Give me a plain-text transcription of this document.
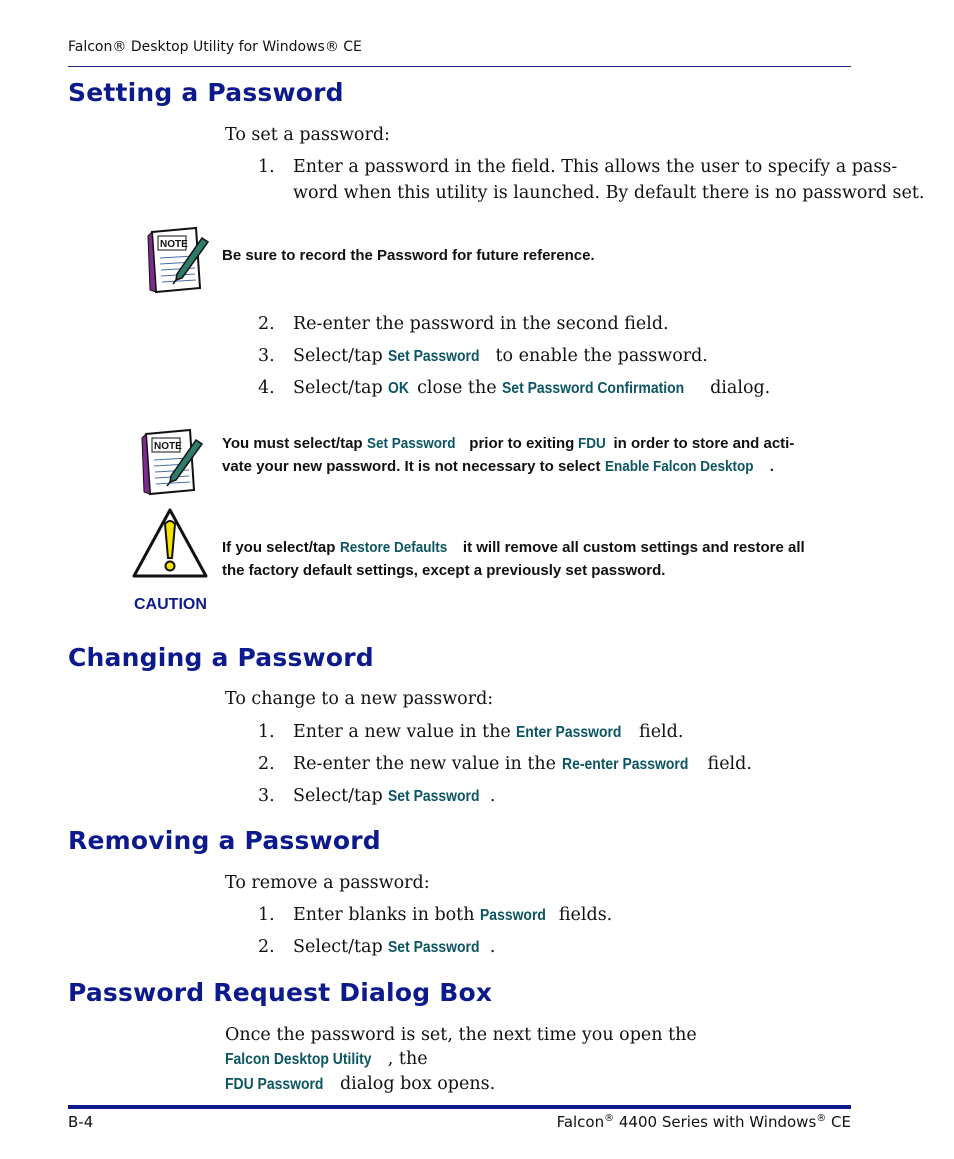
Falcon® Desktop Utility for Windows® CE
Setting a Password
To set a password:
1. Enter a password in the field. This allows the user to specify a pass-
word when this utility is launched. By default there is no password set.
NOTE
Be sure to record the Password for future reference.
2. Re-enter the password in the second field.
3. Select/tap Set Password to enable the password.
4. Select/tap OK close the Set Password Confirmation dialog.
NOTE	You must select/tap Set Password prior to exiting FDU in order to store and acti-
vate your new password. It is not necessary to select Enable Falcon Desktop .
If you select/tap Restore Defaults it will remove all custom settings and restore all
the factory default settings, except a previously set password.
CAUTION
Changing a Password
To change to a new password:
1. Enter a new value in the Enter Password field.
2. Re-enter the new value in the Re-enter Password field.
3. Select/tap Set Password .
Removing a Password
To remove a password:
1. Enter blanks in both Password fields.
2. Select/tap Set Password .
Password Request Dialog Box
Once the password is set, the next time you open the Falcon Desktop Utility , the
FDU Password dialog box opens.
B-4	Falcon® 4400 Series with Windows® CE
